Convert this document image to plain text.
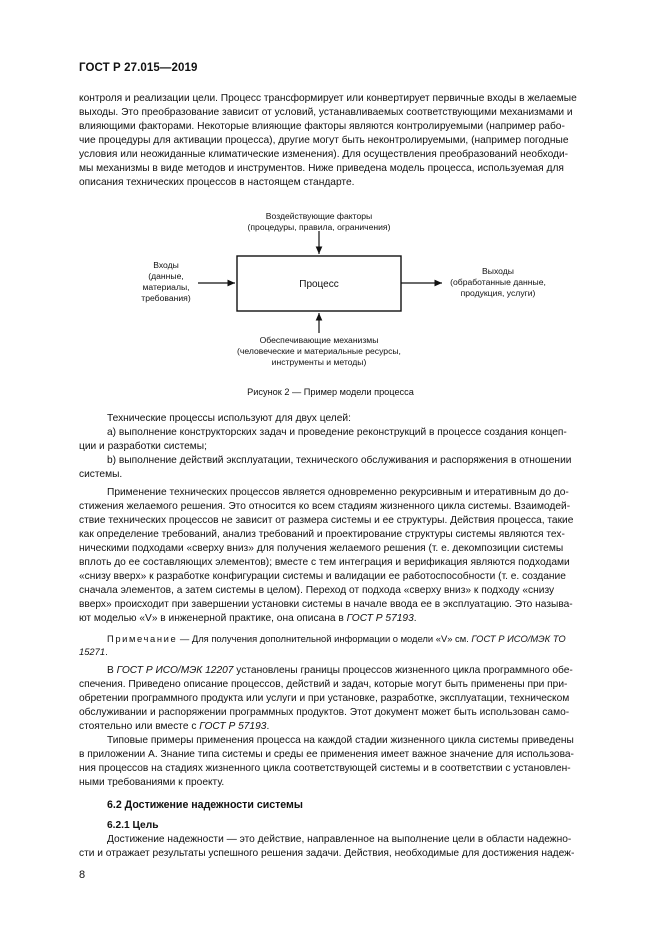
ГОСТ Р 27.015—2019

контроля и реализации цели. Процесс трансформирует или конвертирует первичные входы в желаемые

выходы. Это преобразование зависит от условий, устанавливаемых соответствующими механизмами и

влияющими факторами. Некоторые влияющие факторы являются контролируемыми (например рабо-

чие процедуры для активации процесса), другие могут быть неконтролируемыми, (например погодные

условия или неожиданные климатические изменения). Для осуществления преобразований необходи-

мы механизмы в виде методов и инструментов. Ниже приведена модель процесса, используемая для

описания технических процессов в настоящем стандарте.

Процесс
Воздействующие факторы
(процедуры, правила, ограничения)
Входы
(данные,
материалы,
требования)
Выходы
(обработанные данные,
продукция, услуги)
Обеспечивающие механизмы
(человеческие и материальные ресурсы,
инструменты и методы)
Рисунок 2 — Пример модели процесса

Технические процессы используют для двух целей:

а) выполнение конструкторских задач и проведение реконструкций в процессе создания концеп-

ции и разработки системы;

b) выполнение действий эксплуатации, технического обслуживания и распоряжения в отношении

системы.

Применение технических процессов является одновременно рекурсивным и итеративным до до-

стижения желаемого решения. Это относится ко всем стадиям жизненного цикла системы. Взаимодей-

ствие технических процессов не зависит от размера системы и ее структуры. Действия процесса, такие

как определение требований, анализ требований и проектирование структуры системы являются тех-

ническими подходами «сверху вниз» для получения желаемого решения (т. е. декомпозиции системы

вплоть до ее составляющих элементов); вместе с тем интеграция и верификация являются подходами

«снизу вверх» к разработке конфигурации системы и валидации ее работоспособности (т. е. создание

сначала элементов, а затем системы в целом). Переход от подхода «сверху вниз» к подходу «снизу

вверх» происходит при завершении установки системы в начале ввода ее в эксплуатацию. Это называ-

ют моделью «V» в инженерной практике, она описана в ГОСТ Р 57193.

Примечание — Для получения дополнительной информации о модели «V» см. ГОСТ Р ИСО/МЭК ТО

15271.

В ГОСТ Р ИСО/МЭК 12207 установлены границы процессов жизненного цикла программного обе-

спечения. Приведено описание процессов, действий и задач, которые могут быть применены при при-

обретении программного продукта или услуги и при установке, разработке, эксплуатации, техническом

обслуживании и распоряжении программных продуктов. Этот документ может быть использован само-

стоятельно или вместе с ГОСТ Р 57193.

Типовые примеры применения процесса на каждой стадии жизненного цикла системы приведены

в приложении А. Знание типа системы и среды ее применения имеет важное значение для использова-

ния процессов на стадиях жизненного цикла соответствующей системы и в соответствии с установлен-

ными требованиями к проекту.

6.2 Достижение надежности системы

6.2.1 Цель

Достижение надежности — это действие, направленное на выполнение цели в области надежно-

сти и отражает результаты успешного решения задачи. Действия, необходимые для достижения надеж-

8
